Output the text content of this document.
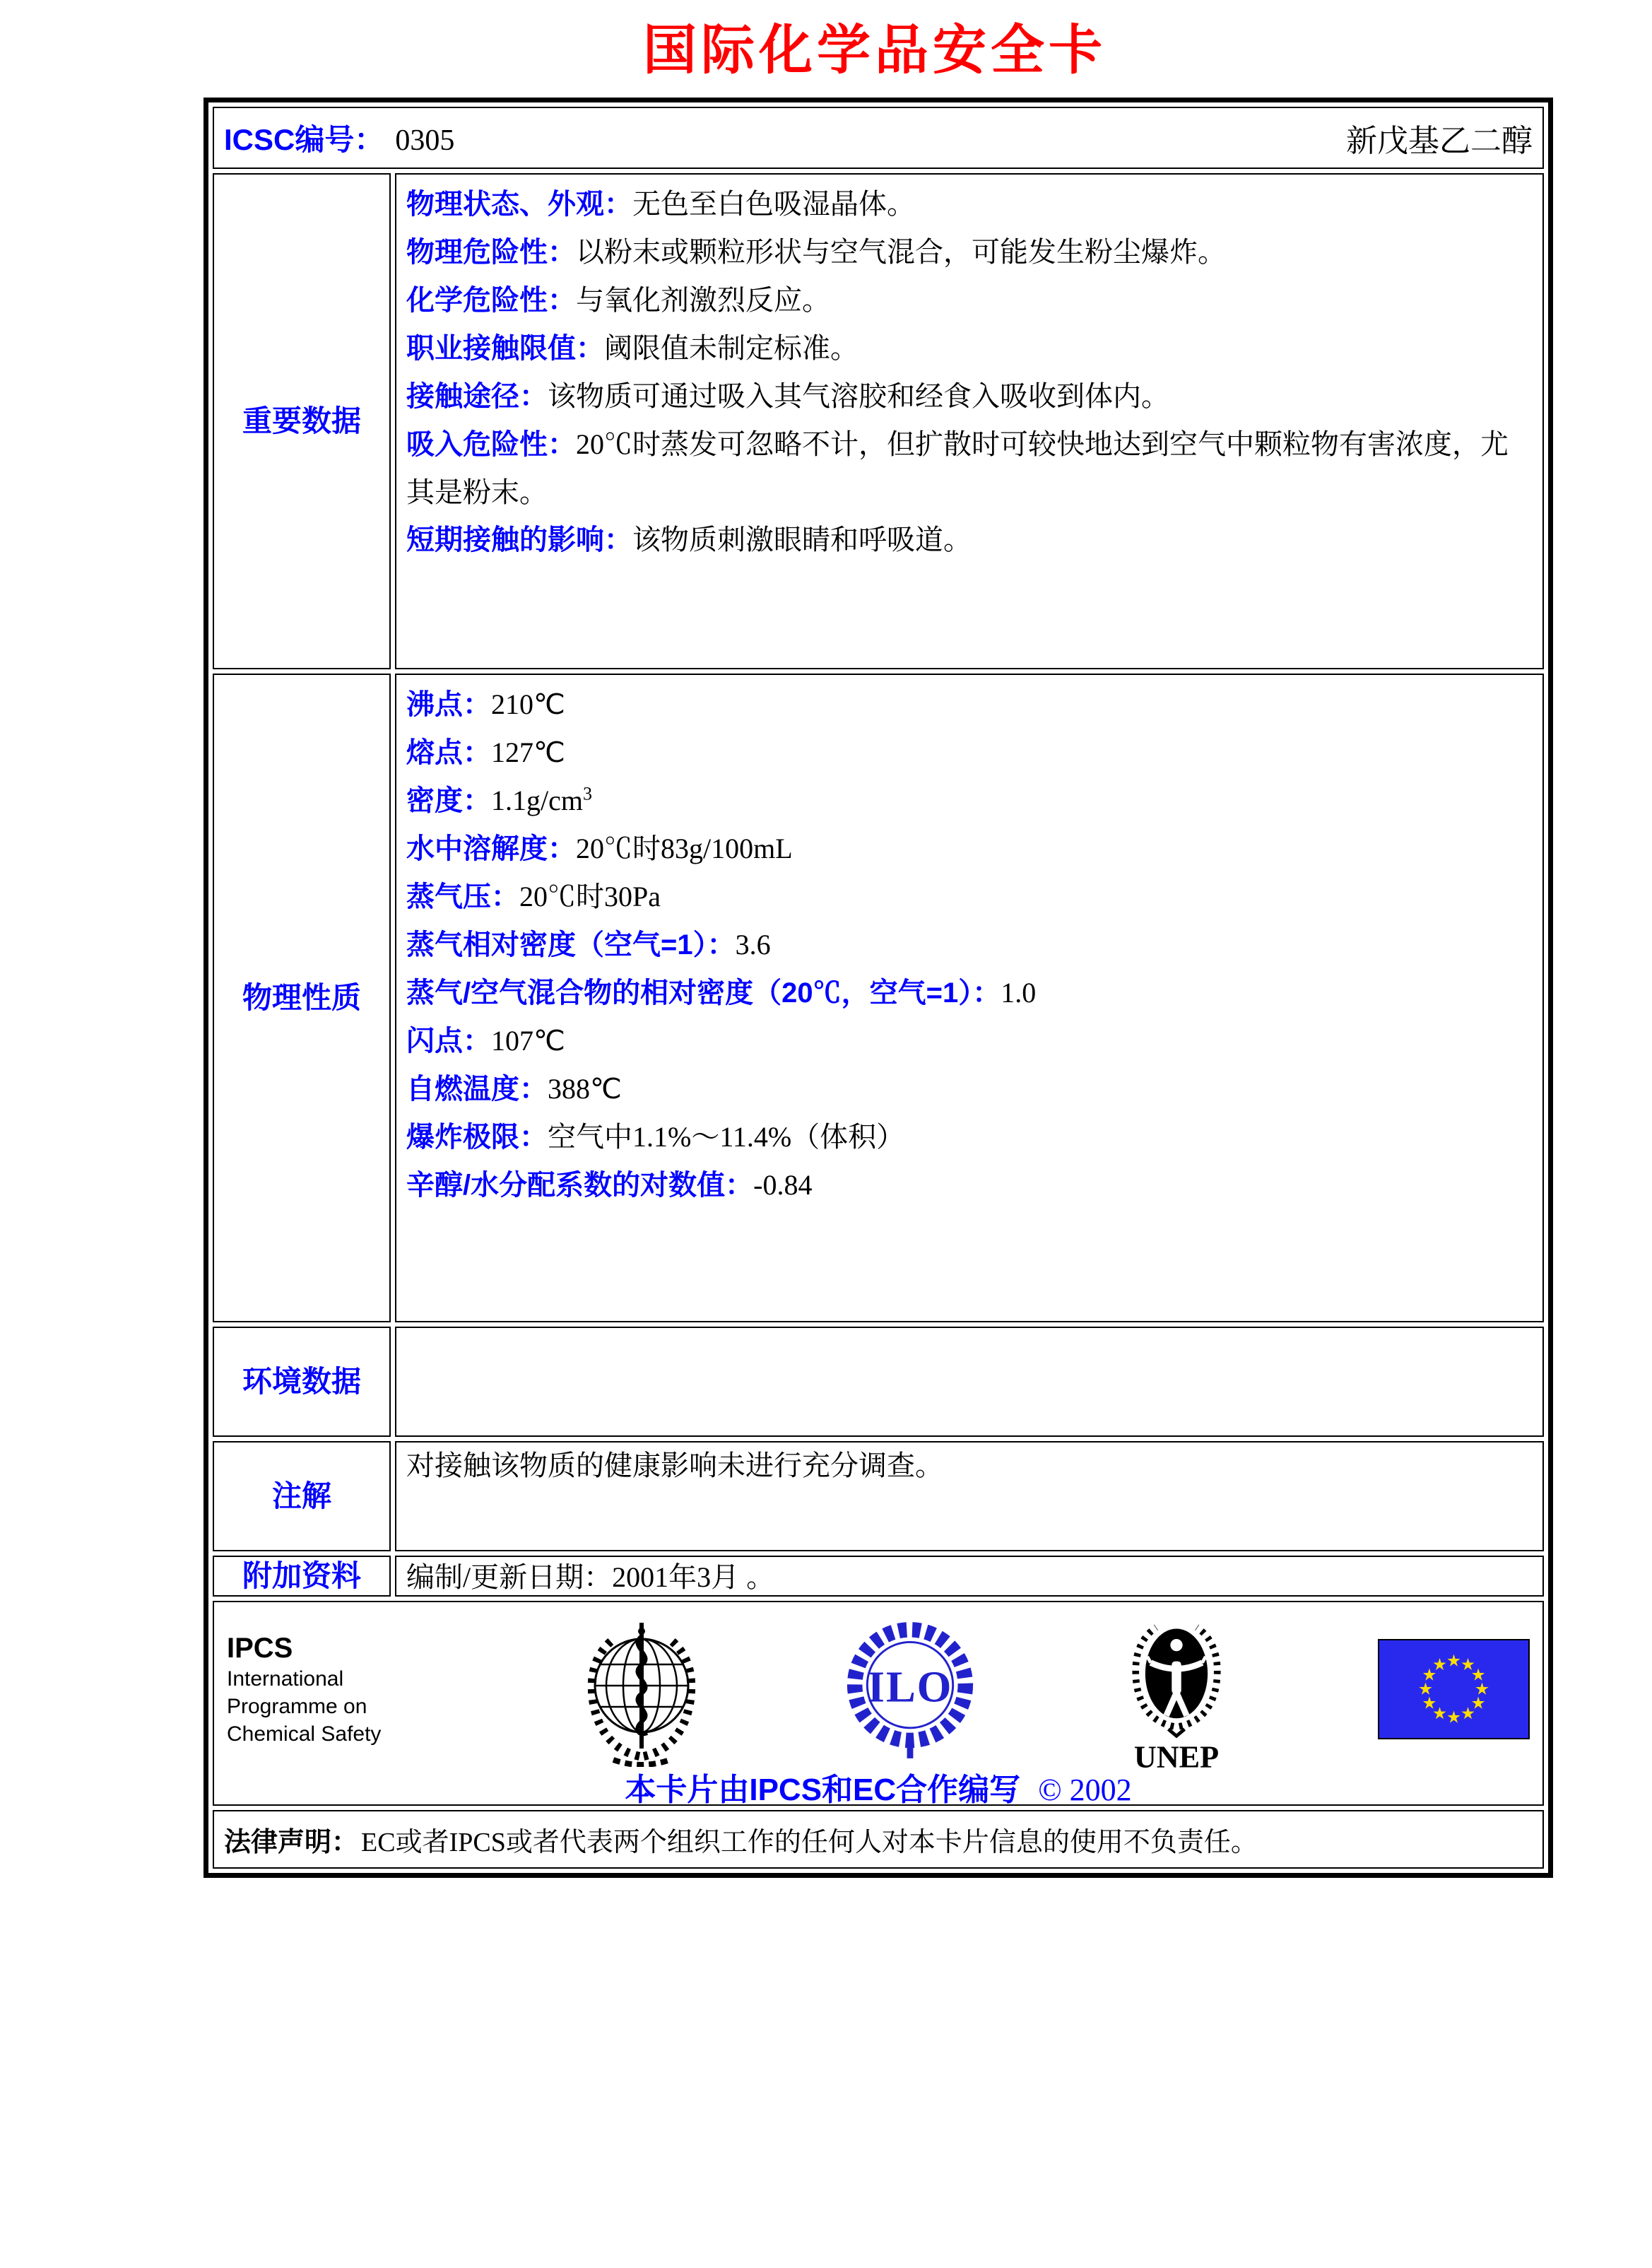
国际化学品安全卡
ICSC编号： 0305	新戊基乙二醇
重要数据
物理状态、外观：无色至白色吸湿晶体。
物理危险性：以粉末或颗粒形状与空气混合，可能发生粉尘爆炸。
化学危险性：与氧化剂激烈反应。
职业接触限值：阈限值未制定标准。
接触途径：该物质可通过吸入其气溶胶和经食入吸收到体内。
吸入危险性：20℃时蒸发可忽略不计，但扩散时可较快地达到空气中颗粒物有害浓度，尤其是粉末。
短期接触的影响：该物质刺激眼睛和呼吸道。
物理性质
沸点：210℃
熔点：127℃
密度：$1.1g/cm^3$
水中溶解度：20℃时83g/100mL
蒸气压：20℃时30Pa
蒸气相对密度（空气=1）：3.6
蒸气/空气混合物的相对密度（20℃，空气=1）：1.0
闪点：107℃
自燃温度：388℃
爆炸极限：空气中1.1%～11.4%（体积）
辛醇/水分配系数的对数值：-0.84
环境数据
注解
对接触该物质的健康影响未进行充分调查。
附加资料 编制/更新日期：2001年3月 。
IPCS
International
Programme on
Chemical Safety
ILO
UNEP
本卡片由IPCS和EC合作编写 © 2002
法律声明： EC或者IPCS或者代表两个组织工作的任何人对本卡片信息的使用不负责任。
